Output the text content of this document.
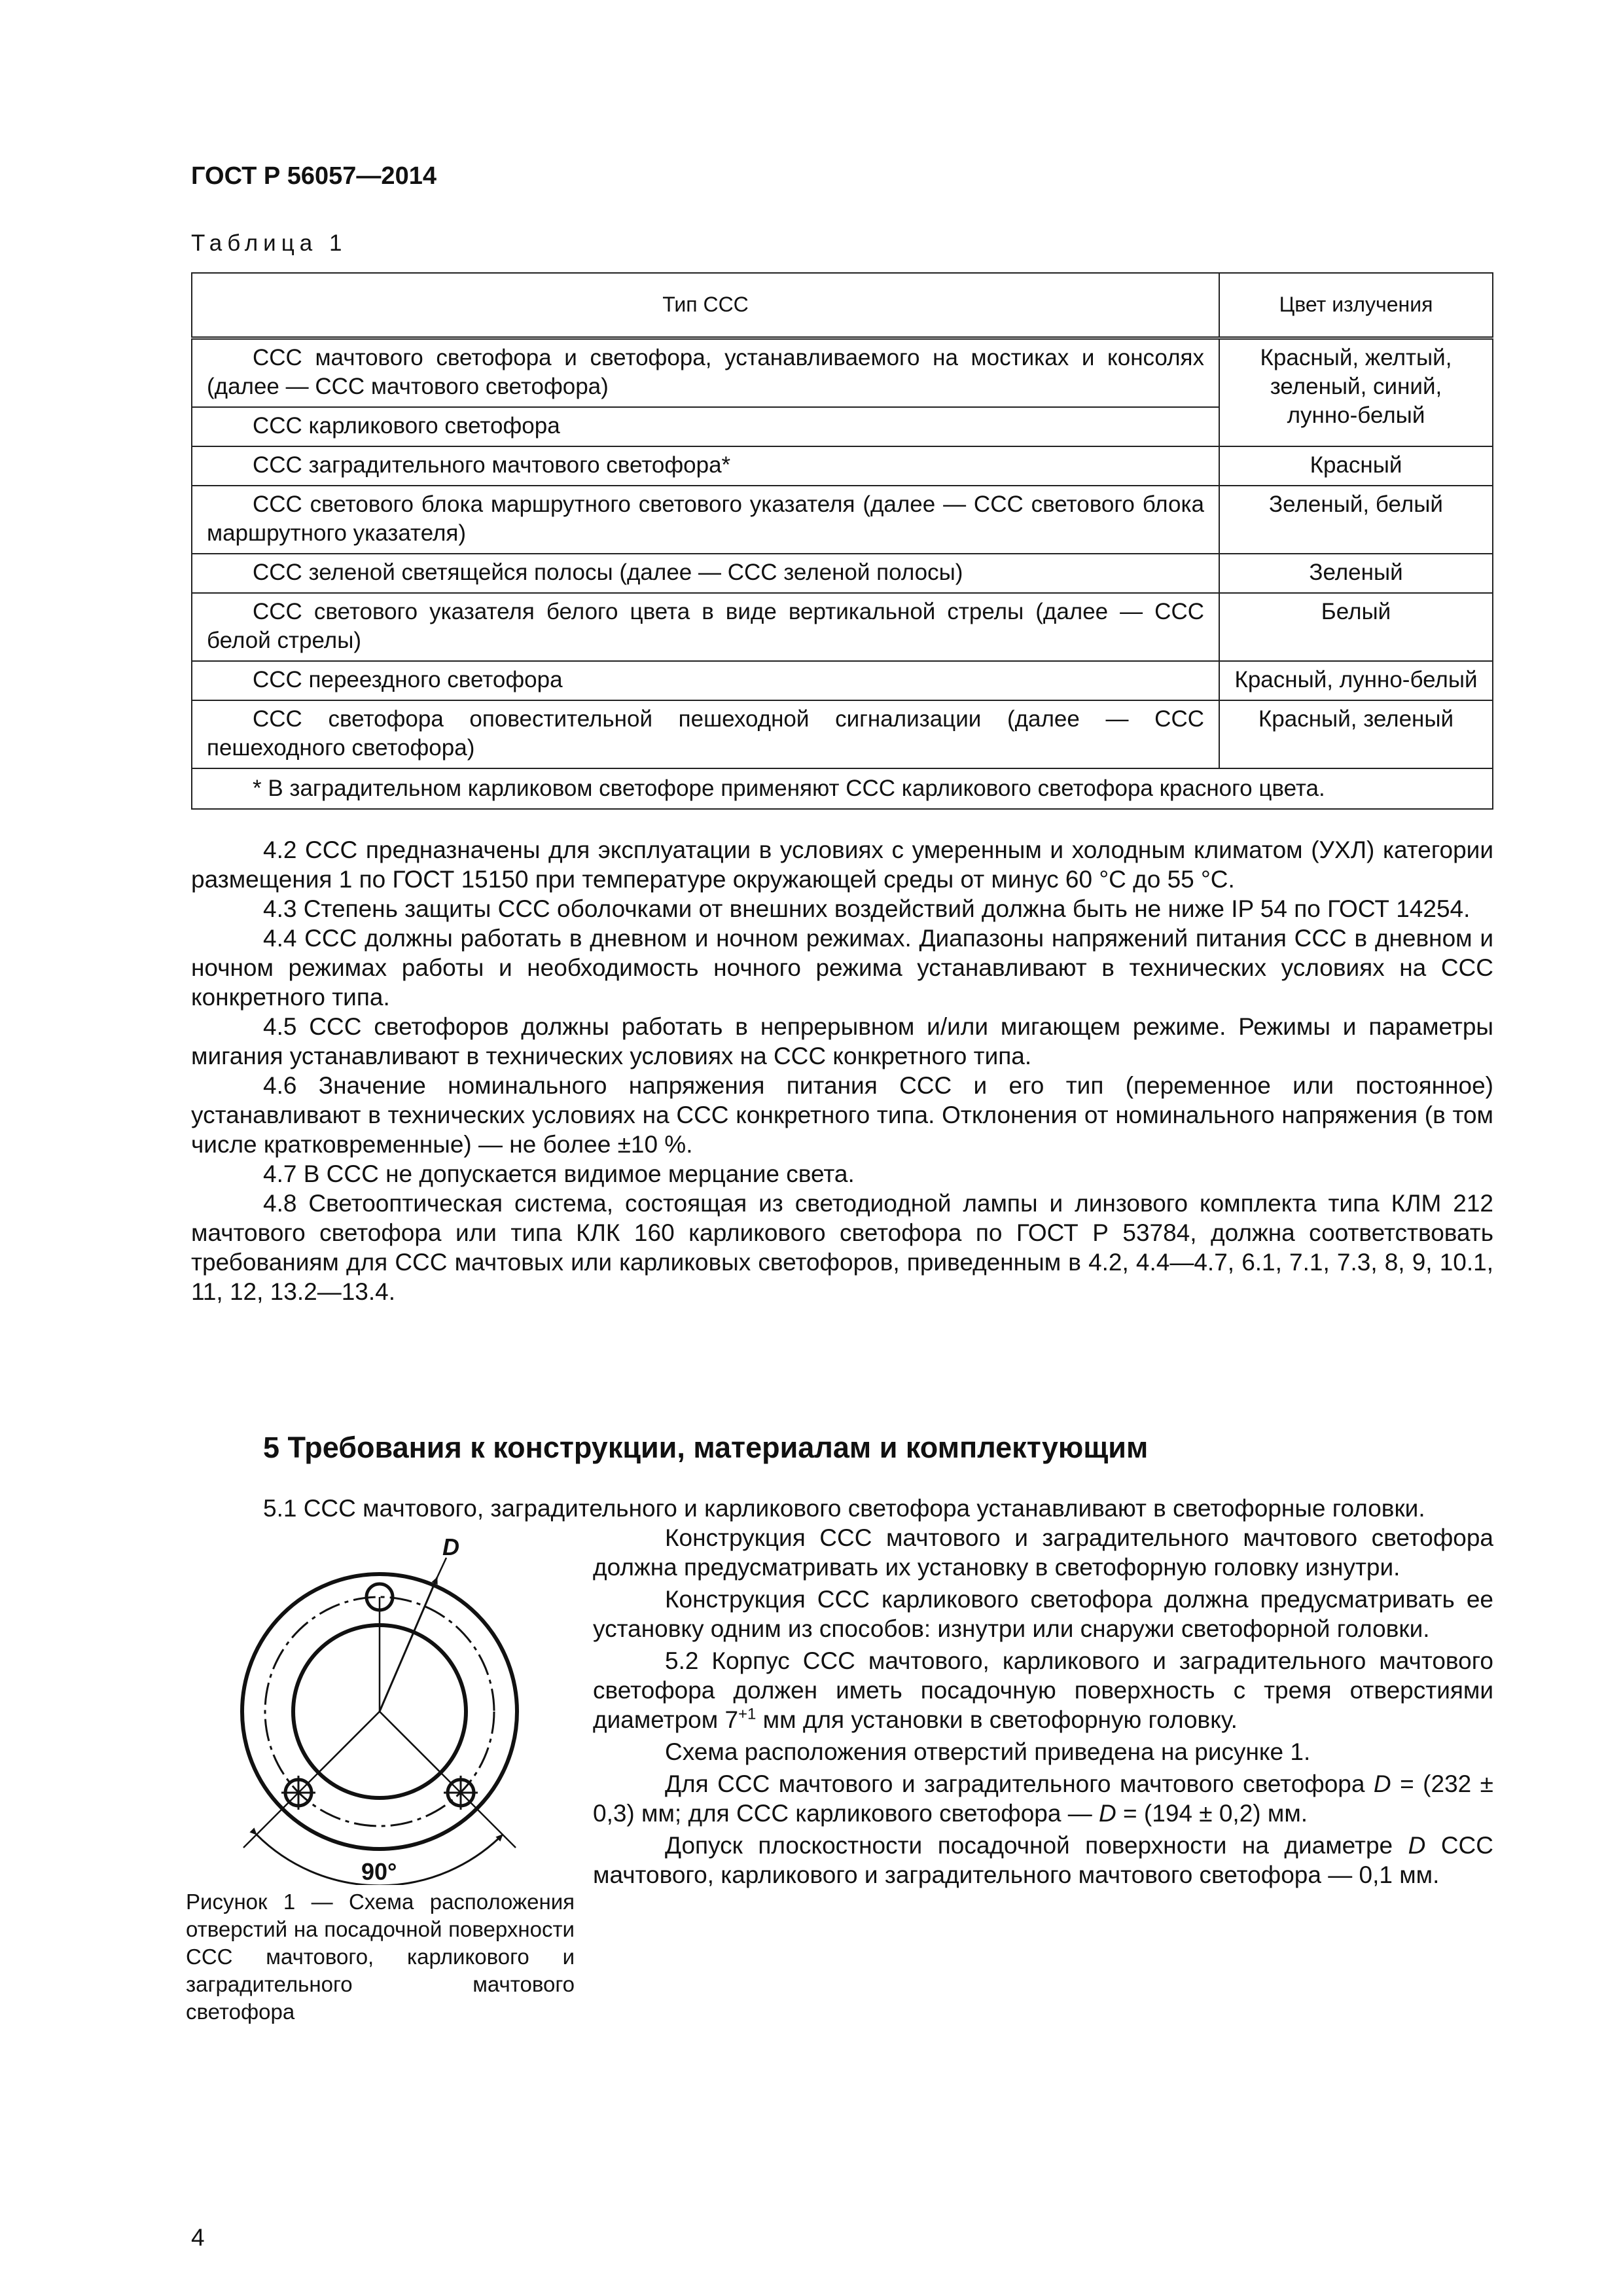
ГОСТ Р 56057—2014
Таблица 1
Тип ССС	Цвет излучения
ССС мачтового светофора и светофора, устанавливаемого на мостиках и консолях (далее — ССС мачтового светофора)	Красный, желтый, зеленый, синий, лунно-белый
ССС карликового светофора	
ССС заградительного мачтового светофора*	Красный
ССС светового блока маршрутного светового указателя (далее — ССС светового блока маршрутного указателя)	Зеленый, белый
ССС зеленой светящейся полосы (далее — ССС зеленой полосы)	Зеленый
ССС светового указателя белого цвета в виде вертикальной стрелы (далее — ССС белой стрелы)	Белый
ССС переездного светофора	Красный, лунно-белый
ССС светофора оповестительной пешеходной сигнализации (далее — ССС пешеходного светофора)	Красный, зеленый
* В заградительном карликовом светофоре применяют ССС карликового светофора красного цвета.	

4.2 ССС предназначены для эксплуатации в условиях с умеренным и холодным климатом (УХЛ) категории размещения 1 по ГОСТ 15150 при температуре окружающей среды от минус 60 °С до 55 °С.

4.3 Степень защиты ССС оболочками от внешних воздействий должна быть не ниже IP 54 по ГОСТ 14254.

4.4 ССС должны работать в дневном и ночном режимах. Диапазоны напряжений питания ССС в дневном и ночном режимах работы и необходимость ночного режима устанавливают в технических условиях на ССС конкретного типа.

4.5 ССС светофоров должны работать в непрерывном и/или мигающем режиме. Режимы и параметры мигания устанавливают в технических условиях на ССС конкретного типа.

4.6 Значение номинального напряжения питания ССС и его тип (переменное или постоянное) устанавливают в технических условиях на ССС конкретного типа. Отклонения от номинального напряжения (в том числе кратковременные) — не более ±10 %.

4.7 В ССС не допускается видимое мерцание света.

4.8 Светооптическая система, состоящая из светодиодной лампы и линзового комплекта типа КЛМ 212 мачтового светофора или типа КЛК 160 карликового светофора по ГОСТ Р 53784, должна соответствовать требованиям для ССС мачтовых или карликовых светофоров, приведенным в 4.2, 4.4—4.7, 6.1, 7.1, 7.3, 8, 9, 10.1, 11, 12, 13.2—13.4.

5 Требования к конструкции, материалам и комплектующим
5.1 ССС мачтового, заградительного и карликового светофора устанавливают в светофорные головки.

Конструкция ССС мачтового и заградительного мачтового светофора должна предусматривать их установку в светофорную головку изнутри.

Конструкция ССС карликового светофора должна предусматривать ее установку одним из способов: изнутри или снаружи светофорной головки.

5.2 Корпус ССС мачтового, карликового и заградительного мачтового светофора должен иметь посадочную поверхность с тремя отверстиями диаметром $7^{+1}$ мм для установки в светофорную головку.

Схема расположения отверстий приведена на рисунке 1.

Для ССС мачтового и заградительного мачтового светофора D = (232 ± 0,3) мм; для ССС карликового светофора — D = (194 ± 0,2) мм.

Допуск плоскостности посадочной поверхности на диаметре D ССС мачтового, карликового и заградительного мачтового светофора — 0,1 мм.

D
90°
Рисунок 1 — Схема расположения отверстий на посадочной поверхности ССС мачтового, карликового и заградительного мачтового светофора
4
